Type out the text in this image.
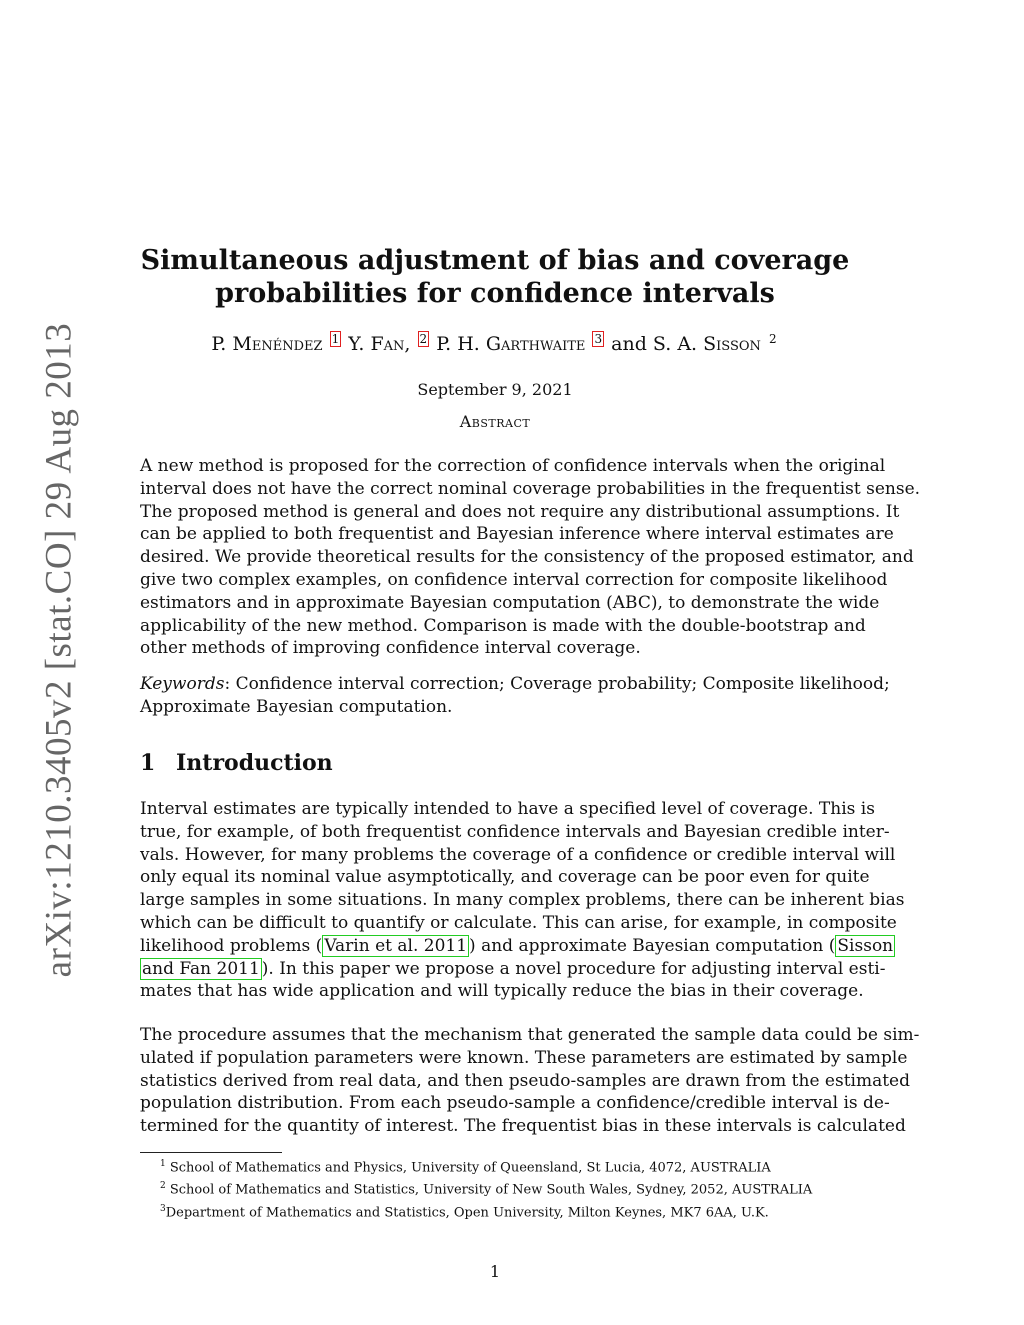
arXiv:1210.3405v2 [stat.CO] 29 Aug 2013
Simultaneous adjustment of bias and coverage
probabilities for confidence intervals
P. Menéndez 1 Y. Fan, 2 P. H. Garthwaite 3 and S. A. Sisson 2
September 9, 2021
Abstract
A new method is proposed for the correction of confidence intervals when the original
interval does not have the correct nominal coverage probabilities in the frequentist sense.
The proposed method is general and does not require any distributional assumptions. It
can be applied to both frequentist and Bayesian inference where interval estimates are
desired. We provide theoretical results for the consistency of the proposed estimator, and
give two complex examples, on confidence interval correction for composite likelihood
estimators and in approximate Bayesian computation (ABC), to demonstrate the wide
applicability of the new method. Comparison is made with the double-bootstrap and
other methods of improving confidence interval coverage.
Keywords: Confidence interval correction; Coverage probability; Composite likelihood;
Approximate Bayesian computation.
1 Introduction
Interval estimates are typically intended to have a specified level of coverage. This is
true, for example, of both frequentist confidence intervals and Bayesian credible inter-
vals. However, for many problems the coverage of a confidence or credible interval will
only equal its nominal value asymptotically, and coverage can be poor even for quite
large samples in some situations. In many complex problems, there can be inherent bias
which can be difficult to quantify or calculate. This can arise, for example, in composite
likelihood problems ( Varin et al. 2011 ) and approximate Bayesian computation ( Sisson
and Fan 2011 ). In this paper we propose a novel procedure for adjusting interval esti-
mates that has wide application and will typically reduce the bias in their coverage.
The procedure assumes that the mechanism that generated the sample data could be sim-
ulated if population parameters were known. These parameters are estimated by sample
statistics derived from real data, and then pseudo-samples are drawn from the estimated
population distribution. From each pseudo-sample a confidence/credible interval is de-
termined for the quantity of interest. The frequentist bias in these intervals is calculated
$^1$ School of Mathematics and Physics, University of Queensland, St Lucia, 4072, AUSTRALIA
$^2$ School of Mathematics and Statistics, University of New South Wales, Sydney, 2052, AUSTRALIA
$^3$Department of Mathematics and Statistics, Open University, Milton Keynes, MK7 6AA, U.K.
1
